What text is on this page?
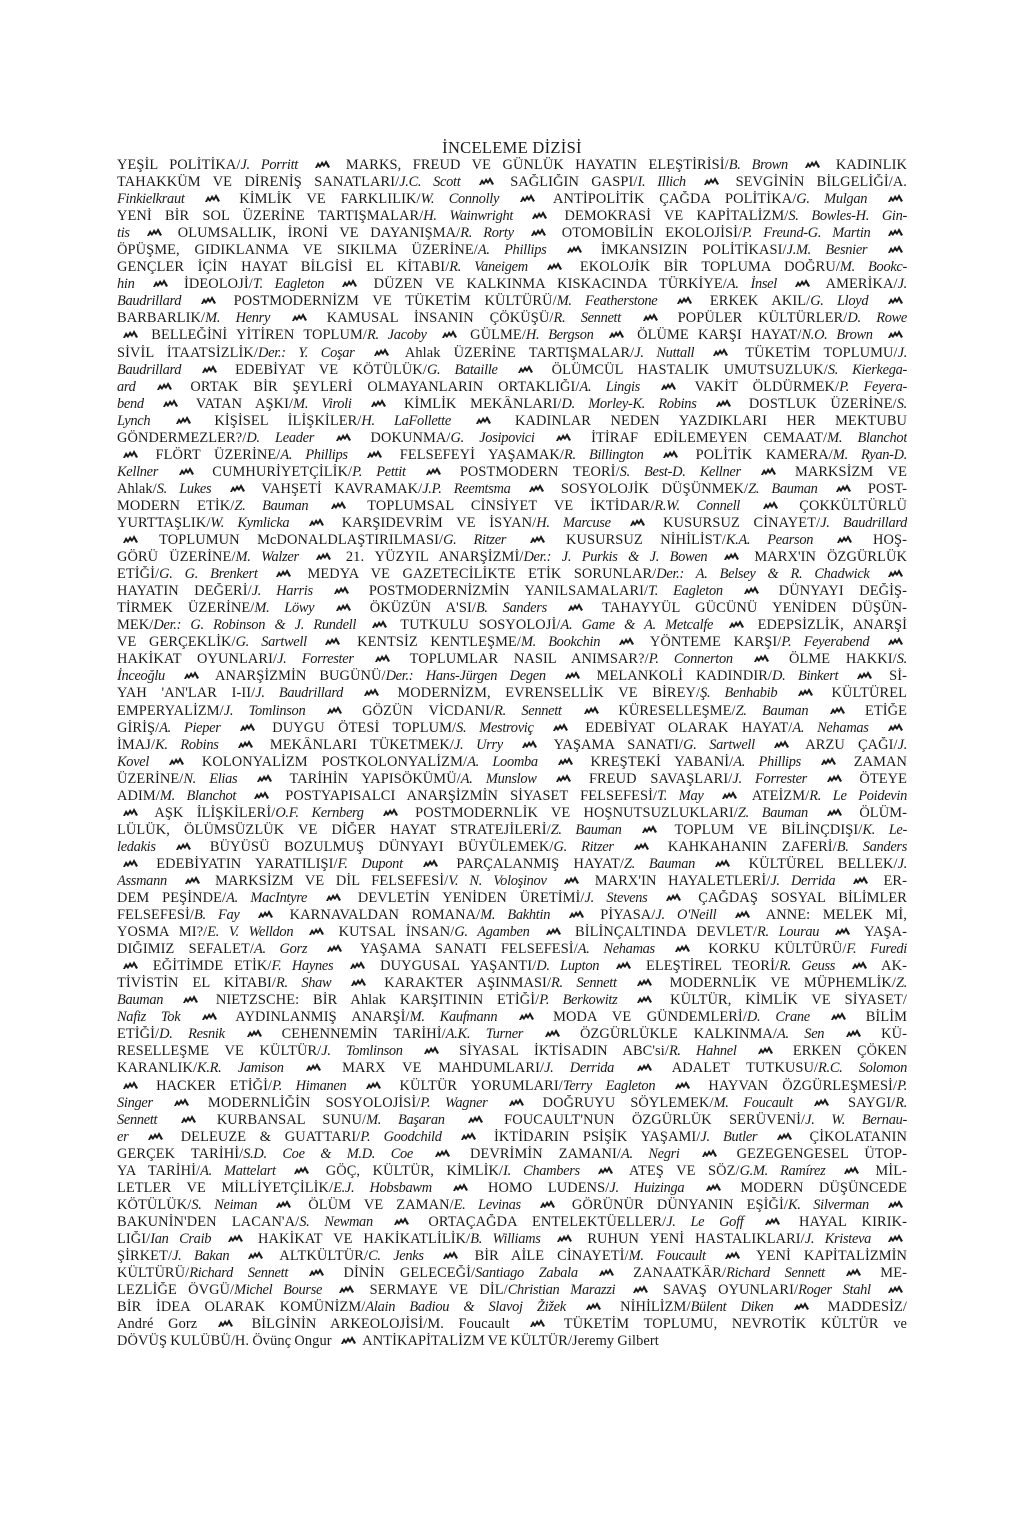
İNCELEME DİZİSİ
YEŞİL POLİTİKA/J. Porritt	MARKS, FREUD VE GÜNLÜK HAYATIN ELEŞTİRİSİ/B. Brown	KADINLIK
TAHAKKÜM VE DİRENİŞ SANATLARI/J.C. Scott	SAĞLIĞIN GASPI/I. Illich	SEVGİNİN BİLGELİĞİ/A.
Finkielkraut	KİMLİK VE FARKLILIK/W. Connolly	ANTİPOLİTİK ÇAĞDA POLİTİKA/G. Mulgan
YENİ BİR SOL ÜZERİNE TARTIŞMALAR/H. Wainwright	DEMOKRASİ VE KAPİTALİZM/S. Bowles-H. Gin-
tis	OLUMSALLIK, İRONİ VE DAYANIŞMA/R. Rorty	OTOMOBİLİN EKOLOJİSİ/P. Freund-G. Martin
ÖPÜŞME, GIDIKLANMA VE SIKILMA ÜZERİNE/A. Phillips	İMKANSIZIN POLİTİKASI/J.M. Besnier
GENÇLER İÇİN HAYAT BİLGİSİ EL KİTABI/R. Vaneigem	EKOLOJİK BİR TOPLUMA DOĞRU/M. Bookc-
hin	İDEOLOJİ/T. Eagleton	DÜZEN VE KALKINMA KISKACINDA TÜRKİYE/A. İnsel	AMERİKA/J.
Baudrillard	POSTMODERNİZM VE TÜKETİM KÜLTÜRÜ/M. Featherstone	ERKEK AKIL/G. Lloyd
BARBARLIK/M. Henry	KAMUSAL İNSANIN ÇÖKÜŞÜ/R. Sennett	POPÜLER KÜLTÜRLER/D. Rowe
BELLEĞİNİ YİTİREN TOPLUM/R. Jacoby
GÜLME/H. Bergson
ÖLÜME KARŞI HAYAT/N.O. Brown
SİVİL İTAATSİZLİK/Der.: Y. Coşar	Ahlak ÜZERİNE TARTIŞMALAR/J. Nuttall	TÜKETİM TOPLUMU/J.
Baudrillard	EDEBİYAT VE KÖTÜLÜK/G. Bataille	ÖLÜMCÜL HASTALIK UMUTSUZLUK/S. Kierkega-
ard	ORTAK BİR ŞEYLERİ OLMAYANLARIN ORTAKLIĞI/A. Lingis	VAKİT ÖLDÜRMEK/P. Feyera-
bend	VATAN AŞKI/M. Viroli	KİMLİK MEKÂNLARI/D. Morley-K. Robins	DOSTLUK ÜZERİNE/S.
Lynch	KİŞİSEL İLİŞKİLER/H. LaFollette	KADINLAR NEDEN YAZDIKLARI HER MEKTUBU
GÖNDERMEZLER?/D. Leader	DOKUNMA/G. Josipovici	İTİRAF EDİLEMEYEN CEMAAT/M. Blanchot
FLÖRT ÜZERİNE/A. Phillips	FELSEFEYİ YAŞAMAK/R. Billington	POLİTİK KAMERA/M. Ryan-D.
Kellner	CUMHURİYETÇİLİK/P. Pettit	POSTMODERN TEORİ/S. Best-D. Kellner	MARKSİZM VE
Ahlak/S. Lukes	VAHŞETİ KAVRAMAK/J.P. Reemtsma	SOSYOLOJİK DÜŞÜNMEK/Z. Bauman	POST-
MODERN ETİK/Z. Bauman	TOPLUMSAL CİNSİYET VE İKTİDAR/R.W. Connell	ÇOKKÜLTÜRLÜ
YURTTAŞLIK/W. Kymlicka	KARŞIDEVRİM VE İSYAN/H. Marcuse	KUSURSUZ CİNAYET/J. Baudrillard
TOPLUMUN McDONALDLAŞTIRILMASI/G. Ritzer	KUSURSUZ NİHİLİST/K.A. Pearson	HOŞ-
GÖRÜ ÜZERİNE/M. Walzer	21. YÜZYIL ANARŞİZMİ/Der.: J. Purkis & J. Bowen	MARX'IN ÖZGÜRLÜK
ETİĞİ/G. G. Brenkert	MEDYA VE GAZETECİLİKTE ETİK SORUNLAR/Der.: A. Belsey & R. Chadwick
HAYATIN DEĞERİ/J. Harris	POSTMODERNİZMİN YANILSAMALARI/T. Eagleton	DÜNYAYI DEĞİŞ-
TİRMEK ÜZERİNE/M. Löwy	ÖKÜZÜN A'SI/B. Sanders	TAHAYYÜL GÜCÜNÜ YENİDEN DÜŞÜN-
MEK/Der.: G. Robinson & J. Rundell
TUTKULU SOSYOLOJİ/A. Game & A. Metcalfe
EDEPSİZLİK, ANARŞİ
VE GERÇEKLİK/G. Sartwell	KENTSİZ KENTLEŞME/M. Bookchin	YÖNTEME KARŞI/P. Feyerabend
HAKİKAT OYUNLARI/J. Forrester	TOPLUMLAR NASIL ANIMSAR?/P. Connerton	ÖLME HAKKI/S.
İnceoğlu	ANARŞİZMİN BUGÜNÜ/Der.: Hans-Jürgen Degen	MELANKOLİ KADINDIR/D. Binkert	Sİ-
YAH 'AN'LAR I-II/J. Baudrillard	MODERNİZM, EVRENSELLİK VE BİREY/Ş. Benhabib	KÜLTÜREL
EMPERYALİZM/J. Tomlinson	GÖZÜN VİCDANI/R. Sennett	KÜRESELLEŞME/Z. Bauman	ETİĞE
GİRİŞ/A. Pieper	DUYGU ÖTESİ TOPLUM/S. Mestroviç	EDEBİYAT OLARAK HAYAT/A. Nehamas
İMAJ/K. Robins	MEKÂNLARI TÜKETMEK/J. Urry	YAŞAMA SANATI/G. Sartwell	ARZU ÇAĞI/J.
Kovel	KOLONYALİZM POSTKOLONYALİZM/A. Loomba	KREŞTEKİ YABANİ/A. Phillips	ZAMAN
ÜZERİNE/N. Elias	TARİHİN YAPISÖKÜMÜ/A. Munslow	FREUD SAVAŞLARI/J. Forrester	ÖTEYE
ADIM/M. Blanchot	POSTYAPISALCI ANARŞİZMİN SİYASET FELSEFESİ/T. May	ATEİZM/R. Le Poidevin
AŞK İLİŞKİLERİ/O.F. Kernberg	POSTMODERNLİK VE HOŞNUTSUZLUKLARI/Z. Bauman	ÖLÜM-
LÜLÜK, ÖLÜMSÜZLÜK VE DİĞER HAYAT STRATEJİLERİ/Z. Bauman	TOPLUM VE BİLİNÇDIŞI/K. Le-
ledakis	BÜYÜSÜ BOZULMUŞ DÜNYAYI BÜYÜLEMEK/G. Ritzer	KAHKAHANIN ZAFERİ/B. Sanders
EDEBİYATIN YARATILIŞI/F. Dupont	PARÇALANMIŞ HAYAT/Z. Bauman	KÜLTÜREL BELLEK/J.
Assmann	MARKSİZM VE DİL FELSEFESİ/V. N. Voloşinov	MARX'IN HAYALETLERİ/J. Derrida	ER-
DEM PEŞİNDE/A. MacIntyre	DEVLETİN YENİDEN ÜRETİMİ/J. Stevens	ÇAĞDAŞ SOSYAL BİLİMLER
FELSEFESİ/B. Fay	KARNAVALDAN ROMANA/M. Bakhtin	PİYASA/J. O'Neill	ANNE: MELEK Mİ,
YOSMA MI?/E. V. Welldon
KUTSAL İNSAN/G. Agamben
BİLİNÇALTINDA DEVLET/R. Lourau
YAŞA-
DIĞIMIZ SEFALET/A. Gorz	YAŞAMA SANATI FELSEFESİ/A. Nehamas	KORKU KÜLTÜRÜ/F. Furedi
EĞİTİMDE ETİK/F. Haynes
DUYGUSAL YAŞANTI/D. Lupton
ELEŞTİREL TEORİ/R. Geuss
AK-
TİVİSTİN EL KİTABI/R. Shaw	KARAKTER AŞINMASI/R. Sennett	MODERNLİK VE MÜPHEMLİK/Z.
Bauman	NIETZSCHE: BİR Ahlak KARŞITININ ETİĞİ/P. Berkowitz	KÜLTÜR, KİMLİK VE SİYASET/
Nafiz Tok	AYDINLANMIŞ ANARŞİ/M. Kaufmann	MODA VE GÜNDEMLERİ/D. Crane	BİLİM
ETİĞİ/D. Resnik	CEHENNEMİN TARİHİ/A.K. Turner	ÖZGÜRLÜKLE KALKINMA/A. Sen	KÜ-
RESELLEŞME VE KÜLTÜR/J. Tomlinson	SİYASAL İKTİSADIN ABC'si/R. Hahnel	ERKEN ÇÖKEN
KARANLIK/K.R. Jamison	MARX VE MAHDUMLARI/J. Derrida	ADALET TUTKUSU/R.C. Solomon
HACKER ETİĞİ/P. Himanen	KÜLTÜR YORUMLARI/Terry Eagleton	HAYVAN ÖZGÜRLEŞMESİ/P.
Singer	MODERNLİĞİN SOSYOLOJİSİ/P. Wagner	DOĞRUYU SÖYLEMEK/M. Foucault	SAYGI/R.
Sennett	KURBANSAL SUNU/M. Başaran	FOUCAULT'NUN ÖZGÜRLÜK SERÜVENİ/J. W. Bernau-
er	DELEUZE & GUATTARI/P. Goodchild	İKTİDARIN PSİŞİK YAŞAMI/J. Butler	ÇİKOLATANIN
GERÇEK TARİHİ/S.D. Coe & M.D. Coe	DEVRİMİN ZAMANI/A. Negri	GEZEGENGESEL ÜTOP-
YA TARİHİ/A. Mattelart	GÖÇ, KÜLTÜR, KİMLİK/I. Chambers	ATEŞ VE SÖZ/G.M. Ramírez	MİL-
LETLER VE MİLLİYETÇİLİK/E.J. Hobsbawm	HOMO LUDENS/J. Huizinga	MODERN DÜŞÜNCEDE
KÖTÜLÜK/S. Neiman	ÖLÜM VE ZAMAN/E. Levinas	GÖRÜNÜR DÜNYANIN EŞİĞİ/K. Silverman
BAKUNİN'DEN LACAN'A/S. Newman	ORTAÇAĞDA ENTELEKTÜELLER/J. Le Goff	HAYAL KIRIK-
LIĞI/Ian Craib
HAKİKAT VE HAKİKATLİLİK/B. Williams
RUHUN YENİ HASTALIKLARI/J. Kristeva
ŞİRKET/J. Bakan	ALTKÜLTÜR/C. Jenks	BİR AİLE CİNAYETİ/M. Foucault	YENİ KAPİTALİZMİN
KÜLTÜRÜ/Richard Sennett	DİNİN GELECEĞİ/Santiago Zabala	ZANAATKÂR/Richard Sennett	ME-
LEZLİĞE ÖVGÜ/Michel Bourse	SERMAYE VE DİL/Christian Marazzi	SAVAŞ OYUNLARI/Roger Stahl
BİR İDEA OLARAK KOMÜNİZM/Alain Badiou & Slavoj Žižek	NİHİLİZM/Bülent Diken	MADDESİZ/
André Gorz
BİLGİNİN ARKEOLOJİSİ/M. Foucault
TÜKETİM TOPLUMU, NEVROTİK KÜLTÜR ve
DÖVÜŞ KULÜBÜ/H. Övünç Ongur
ANTİKAPİTALİZM VE KÜLTÜR/Jeremy Gilbert
